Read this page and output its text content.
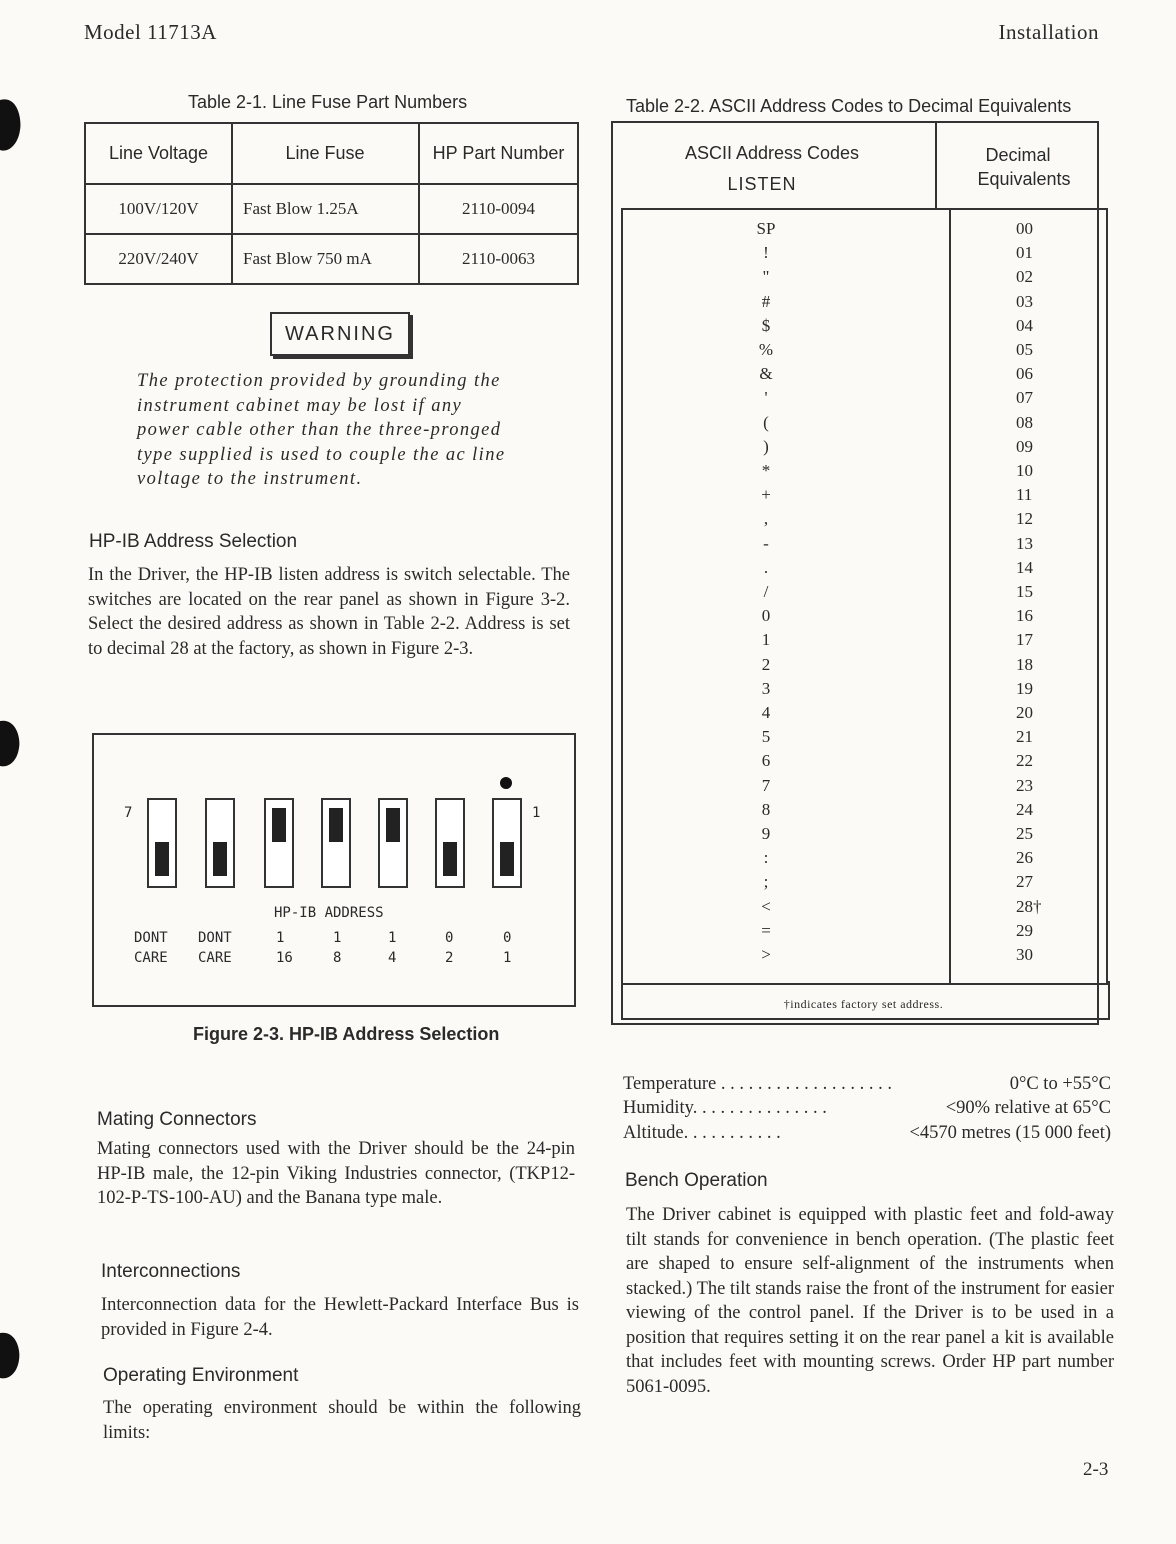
Model 11713A	Installation
Table 2-1. Line Fuse Part Numbers
Line Voltage	Line Fuse	HP Part Number
100V/120V	Fast Blow 1.25A	2110-0094
220V/240V	Fast Blow 750 mA	2110-0063
WARNING
The protection provided by grounding the instrument cabinet may be lost if any power cable other than the three-pronged type supplied is used to couple the ac line voltage to the instrument.
HP-IB Address Selection
In the Driver, the HP-IB listen address is switch selectable. The switches are located on the rear panel as shown in Figure 3-2. Select the desired address as shown in Table 2-2. Address is set to decimal 28 at the factory, as shown in Figure 2-3.
7	1
HP-IB ADDRESS
DONT DONT	1	1	1	0	0
CARE CARE	16	8	4	2	1
Figure 2-3. HP-IB Address Selection
Table 2-2. ASCII Address Codes to Decimal Equivalents
ASCII Address Codes
LISTEN
Decimal
Equivalents
†indicates factory set address.
SP	00
!	01
"	02
#	03
$	04
%	05
&	06
'	07
(	08
)	09
*	10
+	11
,	12
-	13
.	14
/	15
0	16
1	17
2	18
3	19
4	20
5	21
6	22
7	23
8	24
9	25
:	26
;	27
<	28†
=	29
>	30
Temperature . . . . . . . . . . . . . . . . . . .	0°C to +55°C
Humidity. . . . . . . . . . . . . . .	<90% relative at 65°C
Altitude. . . . . . . . . . .	<4570 metres (15 000 feet)
Bench Operation
The Driver cabinet is equipped with plastic feet and fold-away tilt stands for convenience in bench operation. (The plastic feet are shaped to ensure self-alignment of the instruments when stacked.) The tilt stands raise the front of the instrument for easier viewing of the control panel. If the Driver is to be used in a position that requires setting it on the rear panel a kit is available that includes feet with mounting screws. Order HP part number 5061-0095.
Mating Connectors
Mating connectors used with the Driver should be the 24-pin HP-IB male, the 12-pin Viking Industries connector, (TKP12-102-P-TS-100-AU) and the Banana type male.
Interconnections
Interconnection data for the Hewlett-Packard Interface Bus is provided in Figure 2-4.
Operating Environment
The operating environment should be within the following limits:
2-3
